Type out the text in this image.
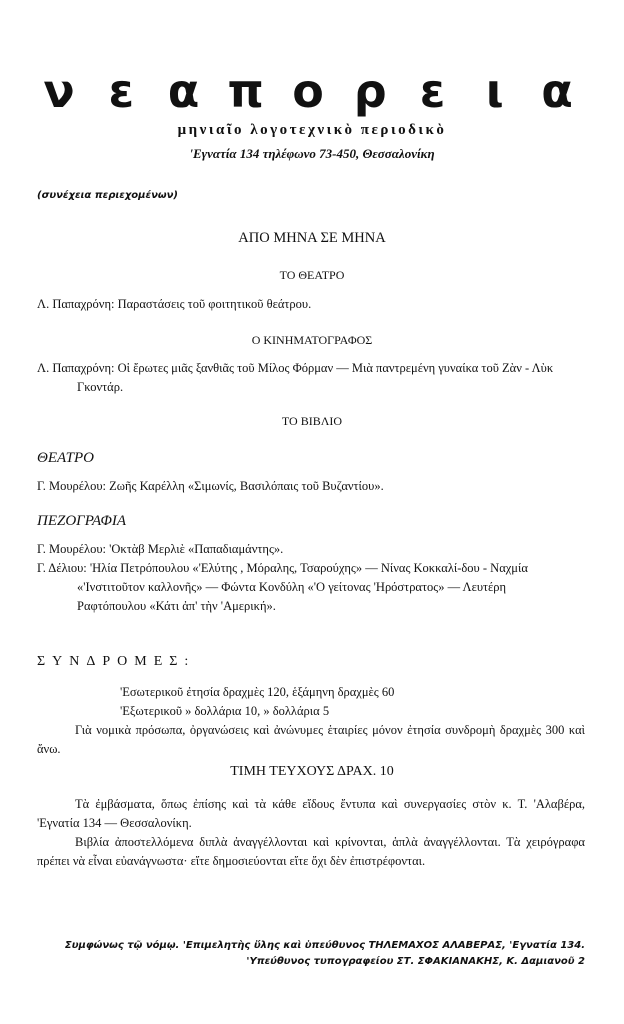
ν ε α π ο ρ ε ι α
μηνιαῖο λογοτεχνικὸ περιοδικὸ
'Εγνατία 134 τηλέφωνο 73-450, Θεσσαλονίκη
(συνέχεια περιεχομένων)
ΑΠΟ ΜΗΝΑ ΣΕ ΜΗΝΑ
ΤΟ ΘΕΑΤΡΟ

Λ. Παπαχρόνη: Παραστάσεις τοῦ φοιτητικοῦ θεάτρου.

Ο ΚΙΝΗΜΑΤΟΓΡΑΦΟΣ

Λ. Παπαχρόνη: Οἱ ἔρωτες μιᾶς ξανθιᾶς τοῦ Μίλος Φόρμαν — Μιὰ παντρεμένη γυναίκα τοῦ Ζὰν - Λὺκ Γκοντάρ.

ΤΟ ΒΙΒΛΙΟ
ΘΕΑΤΡΟ

Γ. Μουρέλου: Ζωῆς Καρέλλη «Σιμωνίς, Βασιλόπαις τοῦ Βυζαντίου».

ΠΕΖΟΓΡΑΦΙΑ

Γ. Μουρέλου: 'Οκτὰβ Μερλιὲ «Παπαδιαμάντης».

Γ. Δέλιου: 'Ηλία Πετρόπουλου «'Ελύτης , Μόραλης, Τσαρούχης» — Νίνας Κοκκαλί-δου - Ναχμία «'Ινστιτοῦτον καλλονῆς» — Φώντα Κονδύλη «'Ο γείτονας 'Ηρόστρατος» — Λευτέρη Ραφτόπουλου «Κάτι ἀπ' τὴν 'Αμερική».

ΣΥΝΔΡΟΜΕΣ:
'Εσωτερικοῦ ἐτησία δραχμὲς 120, ἑξάμηνη δραχμὲς 60
'Εξωτερικοῦ » δολλάρια 10, » δολλάρια 5

Γιὰ νομικὰ πρόσωπα, ὀργανώσεις καὶ ἀνώνυμες ἑταιρίες μόνον ἐτησία συνδρομὴ δραχμὲς 300 καὶ ἄνω.

ΤΙΜΗ ΤΕΥΧΟΥΣ ΔΡΑΧ. 10

Τὰ ἐμβάσματα, ὅπως ἐπίσης καὶ τὰ κάθε εἴδους ἔντυπα καὶ συνεργασίες στὸν κ. Τ. 'Αλαβέρα, 'Εγνατία 134 — Θεσσαλονίκη.

Βιβλία ἀποστελλόμενα διπλὰ ἀναγγέλλονται καὶ κρίνονται, ἁπλὰ ἀναγγέλλονται. Τὰ χειρόγραφα πρέπει νὰ εἶναι εὐανάγνωστα· εἴτε δημοσιεύονται εἴτε ὄχι δὲν ἐπιστρέφονται.

Συμφώνως τῷ νόμῳ. 'Επιμελητὴς ὕλης καὶ ὑπεύθυνος ΤΗΛΕΜΑΧΟΣ ΑΛΑΒΕΡΑΣ, 'Εγνατία 134.
'Υπεύθυνος τυπογραφείου ΣΤ. ΣΦΑΚΙΑΝΑΚΗΣ, Κ. Δαμιανοῦ 2
